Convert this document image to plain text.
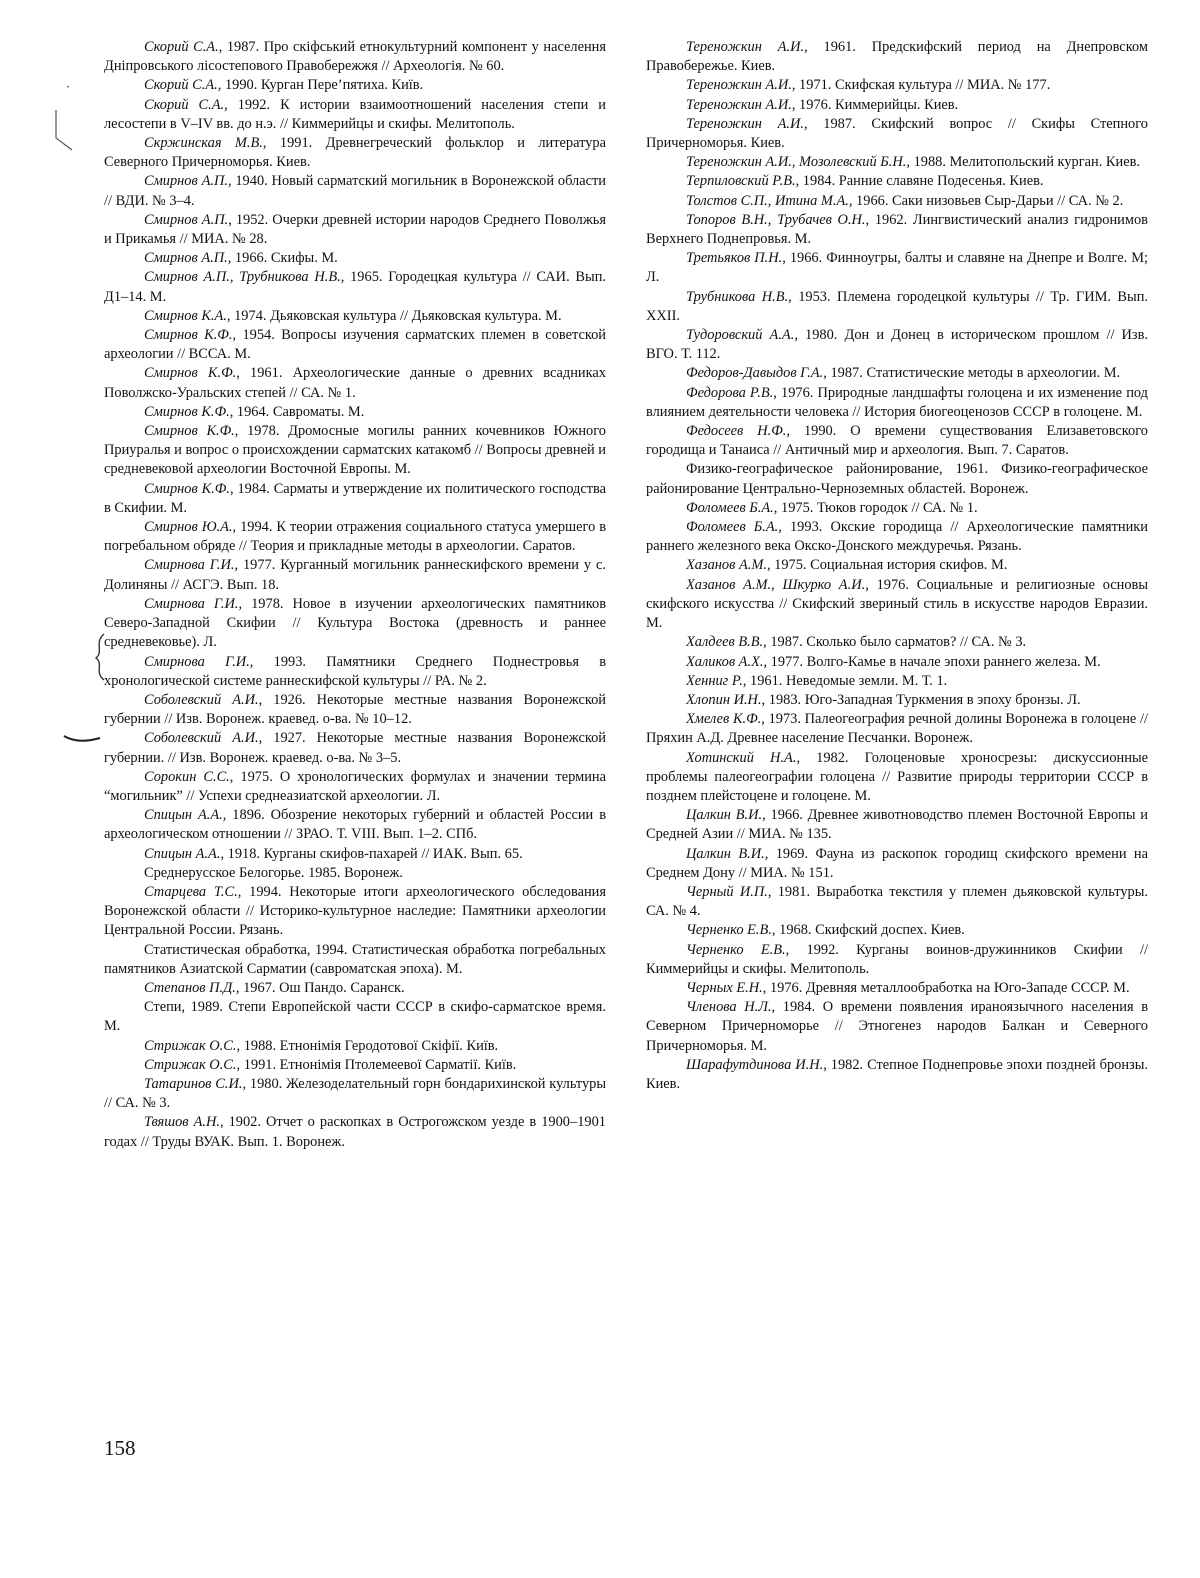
·

Скорий С.А., 1987. Про скiфський етнокультурний компонент у населення Днiпровського лiсостепового Правобережжя // Археологiя. № 60.

Скорий С.А., 1990. Курган Пере’пятиха. Київ.

Скорий С.А., 1992. К истории взаимоотношений населения степи и лесостепи в V–IV вв. до н.э. // Киммерийцы и скифы. Мелитополь.

Скржинская М.В., 1991. Древнегреческий фольклор и литература Северного Причерноморья. Киев.

Смирнов А.П., 1940. Новый сарматский могильник в Воронежской области // ВДИ. № 3–4.

Смирнов А.П., 1952. Очерки древней истории народов Среднего Поволжья и Прикамья // МИА. № 28.

Смирнов А.П., 1966. Скифы. М.

Смирнов А.П., Трубникова Н.В., 1965. Городецкая культура // САИ. Вып. Д1–14. М.

Смирнов К.А., 1974. Дьяковская культура // Дьяковская культура. М.

Смирнов К.Ф., 1954. Вопросы изучения сарматских племен в советской археологии // ВССА. М.

Смирнов К.Ф., 1961. Археологические данные о древних всадниках Поволжско-Уральских степей // СА. № 1.

Смирнов К.Ф., 1964. Савроматы. М.

Смирнов К.Ф., 1978. Дромосные могилы ранних кочевников Южного Приуралья и вопрос о происхождении сарматских катакомб // Вопросы древней и средневековой археологии Восточной Европы. М.

Смирнов К.Ф., 1984. Сарматы и утверждение их политического господства в Скифии. М.

Смирнов Ю.А., 1994. К теории отражения социального статуса умершего в погребальном обряде // Теория и прикладные методы в археологии. Саратов.

Смирнова Г.И., 1977. Курганный могильник раннескифского времени у с. Долиняны // АСГЭ. Вып. 18.

Смирнова Г.И., 1978. Новое в изучении археологических памятников Северо-Западной Скифии // Культура Востока (древность и раннее средневековье). Л.

Смирнова Г.И., 1993. Памятники Среднего Поднестровья в хронологической системе раннескифской культуры // РА. № 2.

Соболевский А.И., 1926. Некоторые местные названия Воронежской губернии // Изв. Воронеж. краевед. о-ва. № 10–12.

Соболевский А.И., 1927. Некоторые местные названия Воронежской губернии. // Изв. Воронеж. краевед. о-ва. № 3–5.

Сорокин С.С., 1975. О хронологических формулах и значении термина “могильник” // Успехи среднеазиатской археологии. Л.

Спицын А.А., 1896. Обозрение некоторых губерний и областей России в археологическом отношении // ЗРАО. Т. VIII. Вып. 1–2. СПб.

Спицын А.А., 1918. Курганы скифов-пахарей // ИАК. Вып. 65.

Среднерусское Белогорье. 1985. Воронеж.

Старцева Т.С., 1994. Некоторые итоги археологического обследования Воронежской области // Историко-культурное наследие: Памятники археологии Центральной России. Рязань.

Статистическая обработка, 1994. Статистическая обработка погребальных памятников Азиатской Сарматии (савроматская эпоха). М.

Степанов П.Д., 1967. Ош Пандо. Саранск.

Степи, 1989. Степи Европейской части СССР в скифо-сарматское время. М.

Стрижак О.С., 1988. Етнонiмiя Геродотової Скiфiї. Київ.

Стрижак О.С., 1991. Етнонiмiя Птолемеевої Сарматiї. Київ.

Татаринов С.И., 1980. Железоделательный горн бондарихинской культуры // СА. № 3.

Твяшов А.Н., 1902. Отчет о раскопках в Острогожском уезде в 1900–1901 годах // Труды ВУАК. Вып. 1. Воронеж.

Тереножкин А.И., 1961. Предскифский период на Днепровском Правобережье. Киев.

Тереножкин А.И., 1971. Скифская культура // МИА. № 177.

Тереножкин А.И., 1976. Киммерийцы. Киев.

Тереножкин А.И., 1987. Скифский вопрос // Скифы Степного Причерноморья. Киев.

Тереножкин А.И., Мозолевский Б.Н., 1988. Мелитопольский курган. Киев.

Терпиловский Р.В., 1984. Ранние славяне Подесенья. Киев.

Толстов С.П., Итина М.А., 1966. Саки низовьев Сыр-Дарьи // СА. № 2.

Топоров В.Н., Трубачев О.Н., 1962. Лингвистический анализ гидронимов Верхнего Поднепровья. М.

Третьяков П.Н., 1966. Финноугры, балты и славяне на Днепре и Волге. М; Л.

Трубникова Н.В., 1953. Племена городецкой культуры // Тр. ГИМ. Вып. XXII.

Тудоровский А.А., 1980. Дон и Донец в историческом прошлом // Изв. ВГО. Т. 112.

Федоров-Давыдов Г.А., 1987. Статистические методы в археологии. М.

Федорова Р.В., 1976. Природные ландшафты голоцена и их изменение под влиянием деятельности человека // История биогеоценозов СССР в голоцене. М.

Федосеев Н.Ф., 1990. О времени существования Елизаветовского городища и Танаиса // Античный мир и археология. Вып. 7. Саратов.

Физико-географическое районирование, 1961. Физико-географическое районирование Центрально-Черноземных областей. Воронеж.

Фоломеев Б.А., 1975. Тюков городок // СА. № 1.

Фоломеев Б.А., 1993. Окские городища // Археологические памятники раннего железного века Окско-Донского междуречья. Рязань.

Хазанов А.М., 1975. Социальная история скифов. М.

Хазанов А.М., Шкурко А.И., 1976. Социальные и религиозные основы скифского искусства // Скифский звериный стиль в искусстве народов Евразии. М.

Халдеев В.В., 1987. Сколько было сарматов? // СА. № 3.

Халиков А.Х., 1977. Волго-Камье в начале эпохи раннего железа. М.

Хенниг Р., 1961. Неведомые земли. М. Т. 1.

Хлопин И.Н., 1983. Юго-Западная Туркмения в эпоху бронзы. Л.

Хмелев К.Ф., 1973. Палеогеография речной долины Воронежа в голоцене // Пряхин А.Д. Древнее население Песчанки. Воронеж.

Хотинский Н.А., 1982. Голоценовые хроносрезы: дискуссионные проблемы палеогеографии голоцена // Развитие природы территории СССР в позднем плейстоцене и голоцене. М.

Цалкин В.И., 1966. Древнее животноводство племен Восточной Европы и Средней Азии // МИА. № 135.

Цалкин В.И., 1969. Фауна из раскопок городищ скифского времени на Среднем Дону // МИА. № 151.

Черный И.П., 1981. Выработка текстиля у племен дьяковской культуры. СА. № 4.

Черненко Е.В., 1968. Скифский доспех. Киев.

Черненко Е.В., 1992. Курганы воинов-дружинников Скифии // Киммерийцы и скифы. Мелитополь.

Черных Е.Н., 1976. Древняя металлообработка на Юго-Западе СССР. М.

Членова Н.Л., 1984. О времени появления ираноязычного населения в Северном Причерноморье // Этногенез народов Балкан и Северного Причерноморья. М.

Шарафутдинова И.Н., 1982. Степное Поднепровье эпохи поздней бронзы. Киев.

158
